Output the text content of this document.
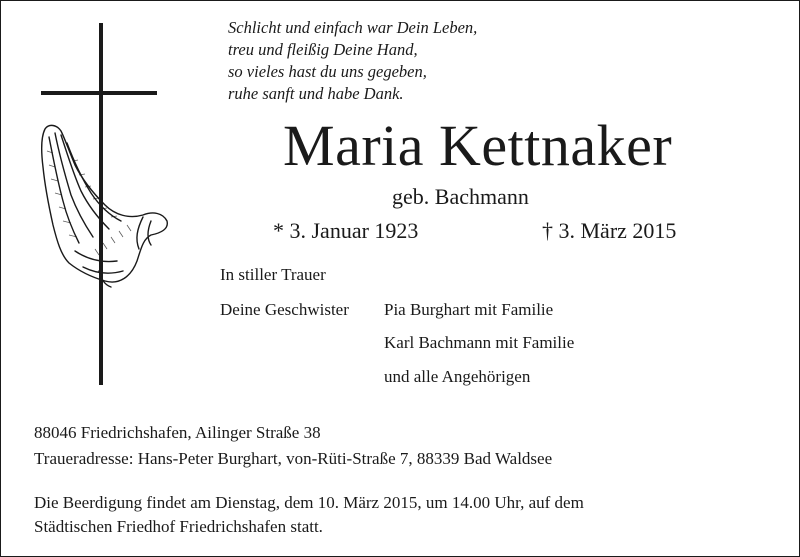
Schlicht und einfach war Dein Leben,
treu und fleißig Deine Hand,
so vieles hast du uns gegeben,
ruhe sanft und habe Dank.
Maria Kettnaker
geb. Bachmann
* 3. Januar 1923	† 3. März 2015
In stiller Trauer
Deine Geschwister Pia Burghart mit Familie
Karl Bachmann mit Familie
und alle Angehörigen
88046 Friedrichshafen, Ailinger Straße 38
Traueradresse: Hans-Peter Burghart, von-Rüti-Straße 7, 88339 Bad Waldsee
Die Beerdigung findet am Dienstag, dem 10. März 2015, um 14.00 Uhr, auf dem
Städtischen Friedhof Friedrichshafen statt.
